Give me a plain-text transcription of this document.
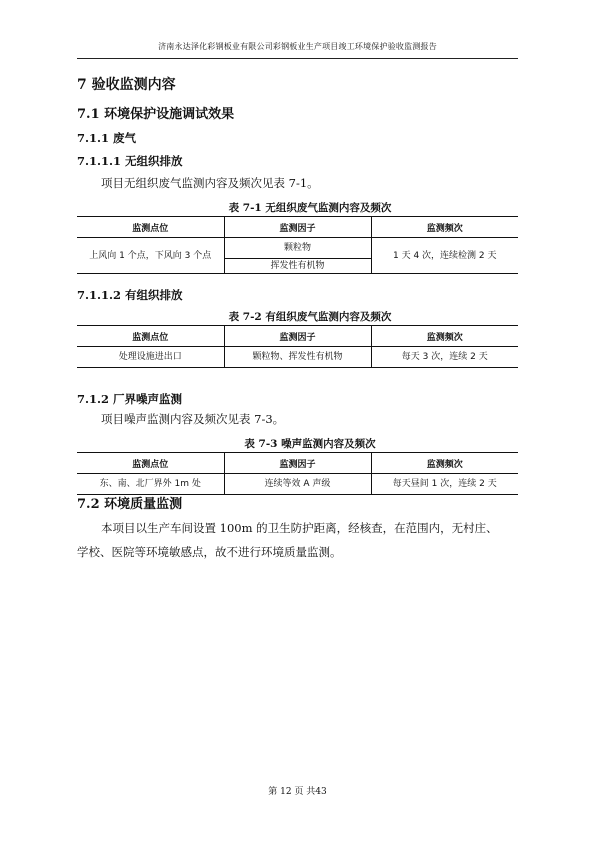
济南永达泽化彩钢板业有限公司彩钢板业生产项目竣工环境保护验收监测报告
7 验收监测内容
7.1 环境保护设施调试效果
7.1.1 废气
7.1.1.1 无组织排放
项目无组织废气监测内容及频次见表 7-1。
表 7-1 无组织废气监测内容及频次
监测点位	监测因子	监测频次
上风向 1 个点，下风向 3 个点	颗粒物	1 天 4 次，连续检测 2 天
	挥发性有机物	
7.1.1.2 有组织排放
表 7-2 有组织废气监测内容及频次
监测点位	监测因子	监测频次
处理设施进出口	颗粒物、挥发性有机物	每天 3 次，连续 2 天
7.1.2 厂界噪声监测
项目噪声监测内容及频次见表 7-3。
表 7-3 噪声监测内容及频次
监测点位	监测因子	监测频次
东、南、北厂界外 1m 处	连续等效 A 声级	每天昼间 1 次，连续 2 天
7.2 环境质量监测
本项目以生产车间设置 100m 的卫生防护距离，经核查，在范围内，无村庄、
学校、医院等环境敏感点，故不进行环境质量监测。
第 12 页 共43
